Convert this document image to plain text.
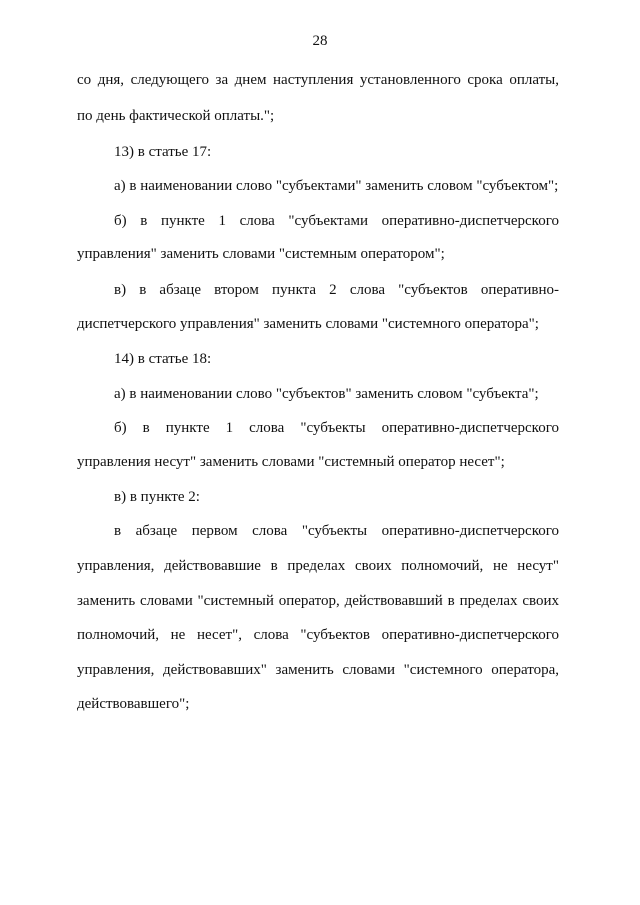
28
со дня, следующего за днем наступления установленного срока оплаты,
по день фактической оплаты.";
13) в статье 17:
а) в наименовании слово "субъектами" заменить словом "субъектом";
б) в пункте 1 слова "субъектами оперативно-диспетчерского
управления" заменить словами "системным оператором";
в) в абзаце втором пункта 2 слова "субъектов оперативно-
диспетчерского управления" заменить словами "системного оператора";
14) в статье 18:
а) в наименовании слово "субъектов" заменить словом "субъекта";
б) в пункте 1 слова "субъекты оперативно-диспетчерского
управления несут" заменить словами "системный оператор несет";
в) в пункте 2:
в абзаце первом слова "субъекты оперативно-диспетчерского
управления, действовавшие в пределах своих полномочий, не несут"
заменить словами "системный оператор, действовавший в пределах своих
полномочий, не несет", слова "субъектов оперативно-диспетчерского
управления, действовавших" заменить словами "системного оператора,
действовавшего";
